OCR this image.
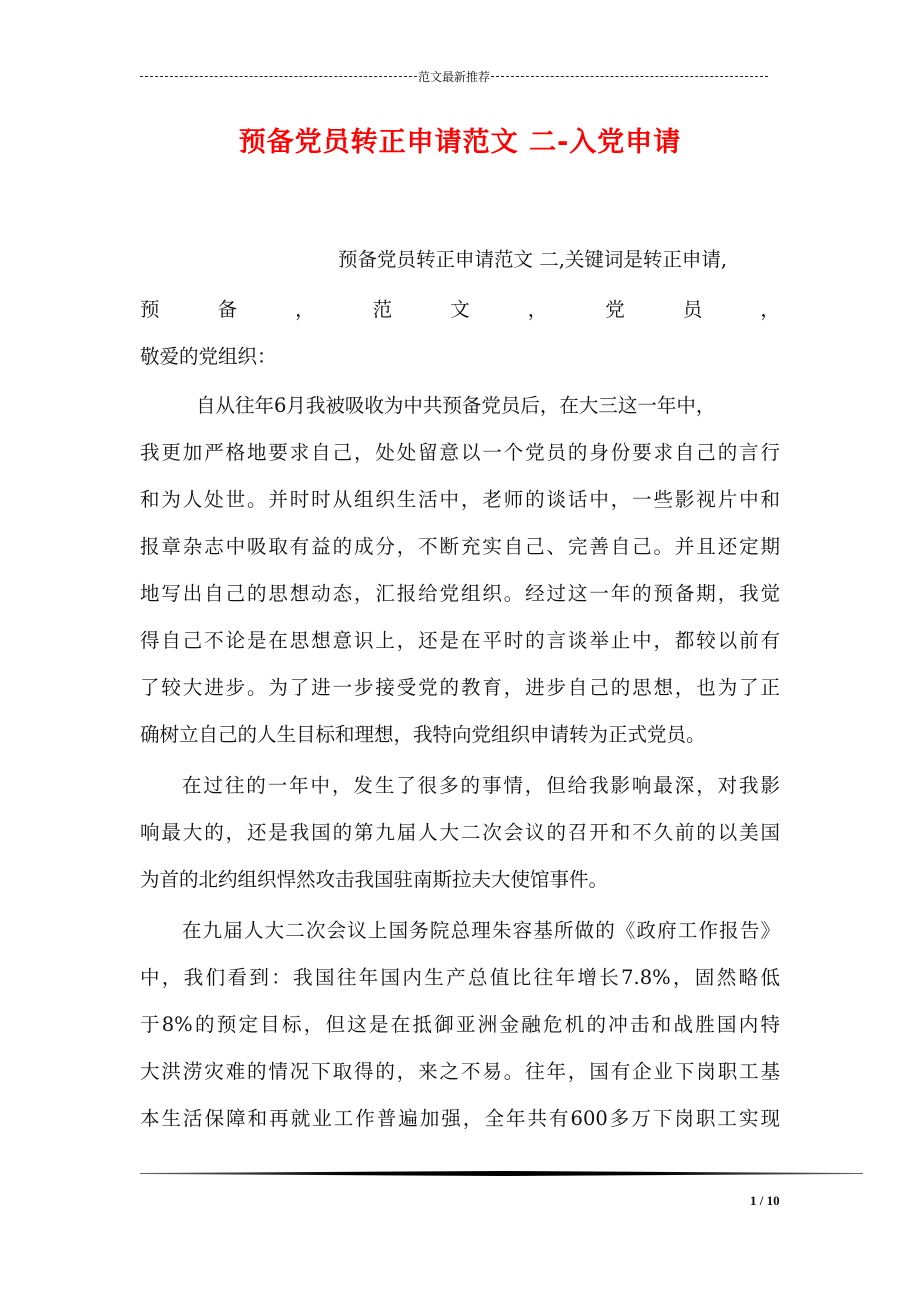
范文最新推荐
预备党员转正申请范文 二-入党申请
预备党员转正申请范文 二,关键词是转正申请,
预	备	，	范	文	，	党	员	，
敬爱的党组织：
自从往年6月我被吸收为中共预备党员后，在大三这一年中，
我更加严格地要求自己，处处留意以一个党员的身份要求自己的言行
和为人处世。并时时从组织生活中，老师的谈话中，一些影视片中和
报章杂志中吸取有益的成分，不断充实自己、完善自己。并且还定期
地写出自己的思想动态，汇报给党组织。经过这一年的预备期，我觉
得自己不论是在思想意识上，还是在平时的言谈举止中，都较以前有
了较大进步。为了进一步接受党的教育，进步自己的思想，也为了正
确树立自己的人生目标和理想，我特向党组织申请转为正式党员。
在过往的一年中，发生了很多的事情，但给我影响最深，对我影
响最大的，还是我国的第九届人大二次会议的召开和不久前的以美国
为首的北约组织悍然攻击我国驻南斯拉夫大使馆事件。
在九届人大二次会议上国务院总理朱容基所做的《政府工作报告》
中，我们看到：我国往年国内生产总值比往年增长7.8%，固然略低
于8%的预定目标，但这是在抵御亚洲金融危机的冲击和战胜国内特
大洪涝灾难的情况下取得的，来之不易。往年，国有企业下岗职工基
本生活保障和再就业工作普遍加强，全年共有600多万下岗职工实现
1 / 10
